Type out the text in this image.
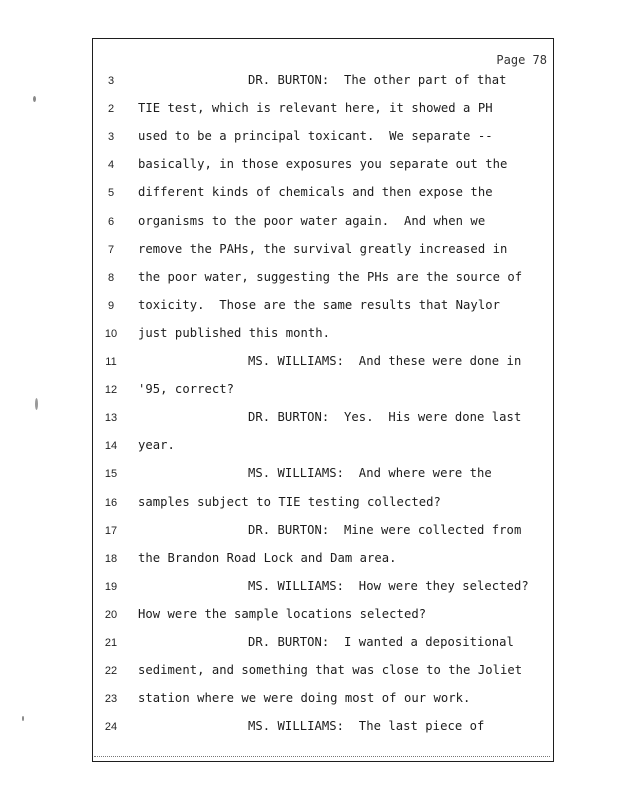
Page 78
3	DR. BURTON:  The other part of that
2	TIE test, which is relevant here, it showed a PH
3	used to be a principal toxicant.  We separate --
4	basically, in those exposures you separate out the
5	different kinds of chemicals and then expose the
6	organisms to the poor water again.  And when we
7	remove the PAHs, the survival greatly increased in
8	the poor water, suggesting the PHs are the source of
9	toxicity.  Those are the same results that Naylor
10	just published this month.
11	MS. WILLIAMS:  And these were done in
12	'95, correct?
13	DR. BURTON:  Yes.  His were done last
14	year.
15	MS. WILLIAMS:  And where were the
16	samples subject to TIE testing collected?
17	DR. BURTON:  Mine were collected from
18	the Brandon Road Lock and Dam area.
19	MS. WILLIAMS:  How were they selected?
20	How were the sample locations selected?
21	DR. BURTON:  I wanted a depositional
22	sediment, and something that was close to the Joliet
23	station where we were doing most of our work.
24	MS. WILLIAMS:  The last piece of
